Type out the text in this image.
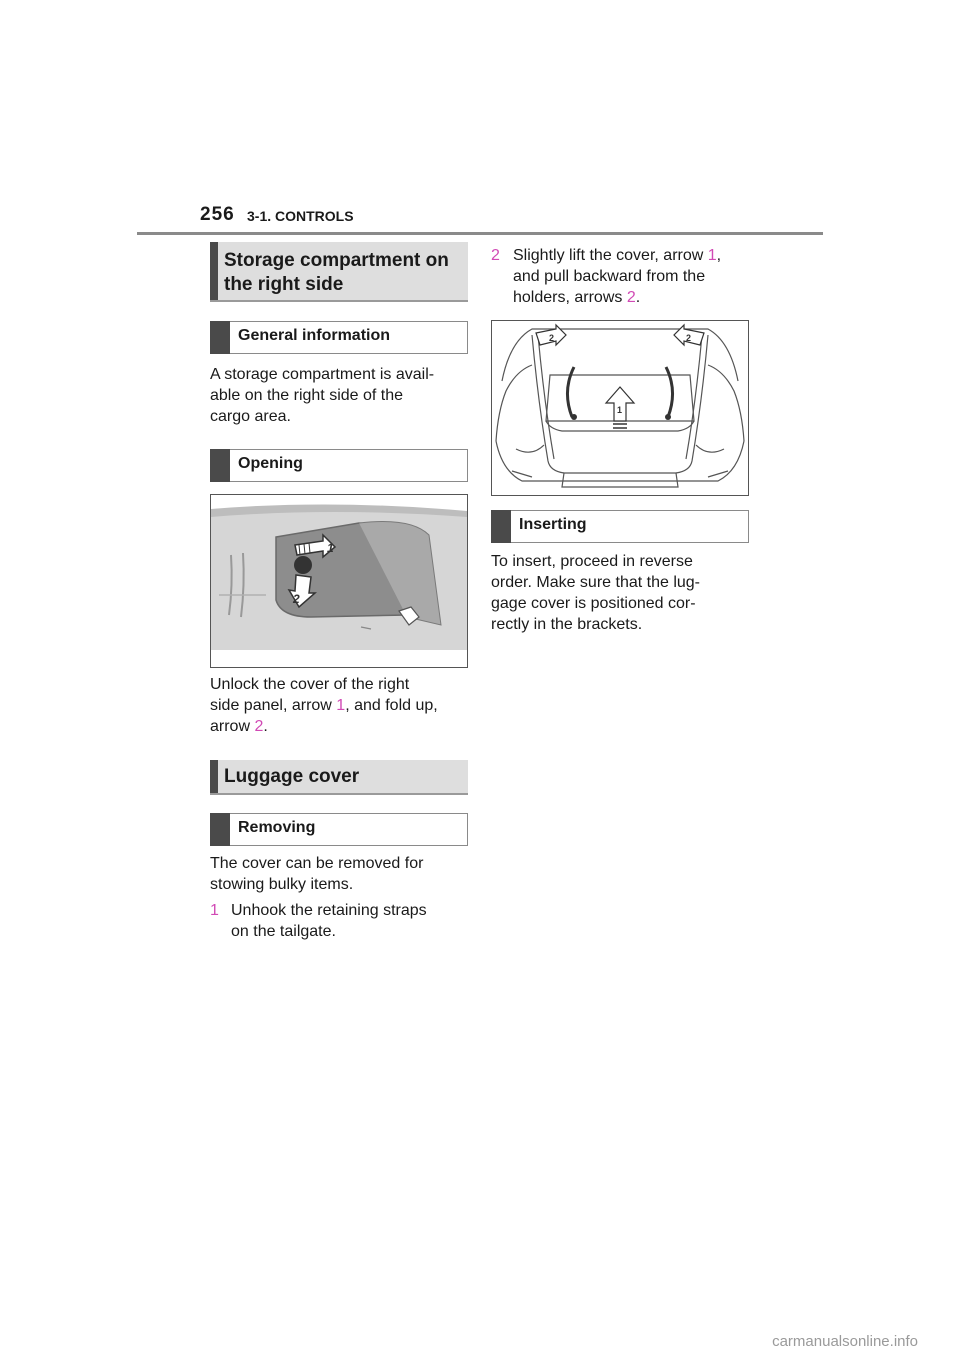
256 3-1. CONTROLS
Storage compartment on
the right side
General information

A storage compartment is avail-

able on the right side of the

cargo area.

Opening
1
2

Unlock the cover of the right

side panel, arrow 1, and fold up,

arrow 2.

Luggage cover
Removing

The cover can be removed for

stowing bulky items.

1 Unhook the retaining straps

on the tailgate.

2 Slightly lift the cover, arrow 1,

and pull backward from the

holders, arrows 2.

2	2
1
Inserting

To insert, proceed in reverse

order. Make sure that the lug-

gage cover is positioned cor-

rectly in the brackets.

carmanualsonline.info
